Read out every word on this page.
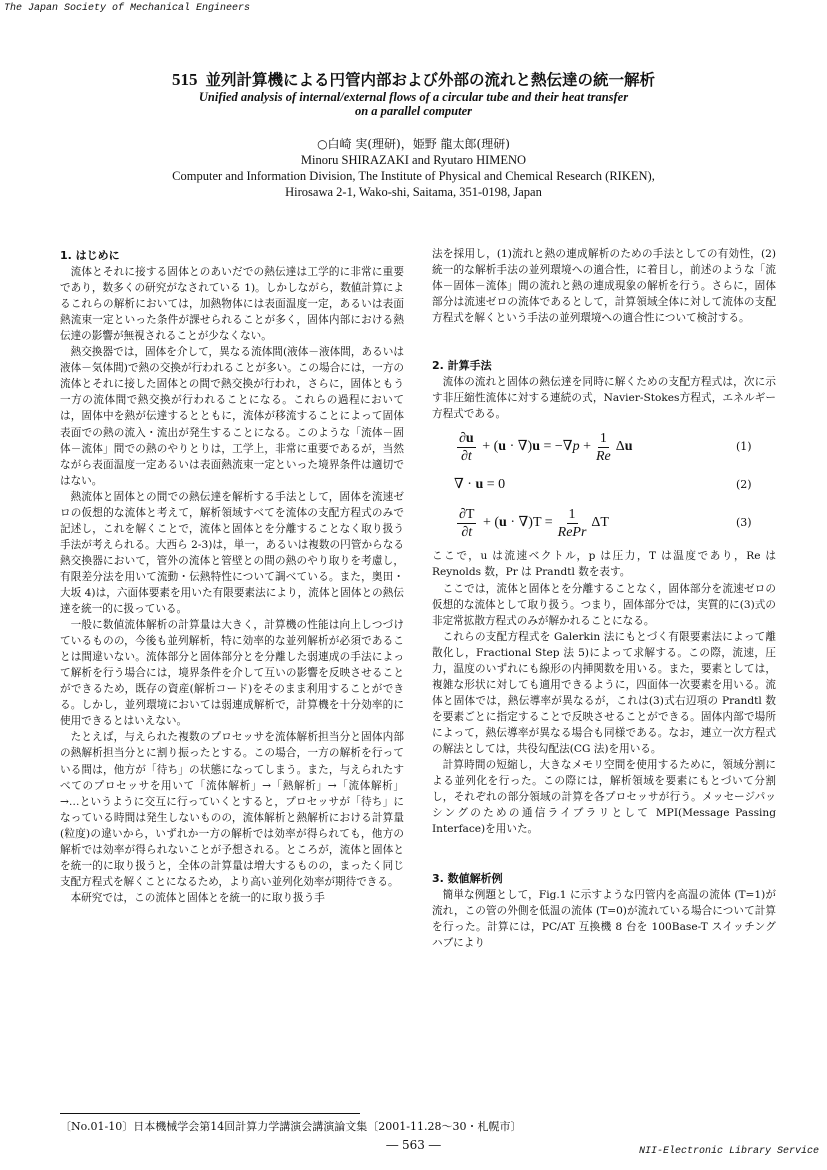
The Japan Society of Mechanical Engineers
515 並列計算機による円管内部および外部の流れと熱伝達の統一解析
Unified analysis of internal/external flows of a circular tube and their heat transfer
on a parallel computer
○白崎 実(理研)，姫野 龍太郎(理研)
Minoru SHIRAZAKI and Ryutaro HIMENO
Computer and Information Division, The Institute of Physical and Chemical Research (RIKEN),
Hirosawa 2-1, Wako-shi, Saitama, 351-0198, Japan
1. はじめに

流体とそれに接する固体とのあいだでの熱伝達は工学的に非常に重要であり，数多くの研究がなされている 1)。しかしながら，数値計算によるこれらの解析においては，加熱物体には表面温度一定，あるいは表面熱流束一定といった条件が課せられることが多く，固体内部における熱伝達の影響が無視されることが少なくない。

熱交換器では，固体を介して，異なる流体間(液体－液体間，あるいは液体－気体間)で熱の交換が行われることが多い。この場合には，一方の流体とそれに接した固体との間で熱交換が行われ，さらに，固体ともう一方の流体間で熱交換が行われることになる。これらの過程においては，固体中を熱が伝達するとともに，流体が移流することによって固体表面での熱の流入・流出が発生することになる。このような「流体－固体－流体」間での熱のやりとりは，工学上，非常に重要であるが，当然ながら表面温度一定あるいは表面熱流束一定といった境界条件は適切ではない。

熱流体と固体との間での熱伝達を解析する手法として，固体を流速ゼロの仮想的な流体と考えて，解析領域すべてを流体の支配方程式のみで記述し，これを解くことで，流体と固体とを分離することなく取り扱う手法が考えられる。大西ら 2-3)は，単一，あるいは複数の円管からなる熱交換器において，管外の流体と管壁との間の熱のやり取りを考慮し，有限差分法を用いて流動・伝熱特性について調べている。また，奥田・大坂 4)は，六面体要素を用いた有限要素法により，流体と固体との熱伝達を統一的に扱っている。

一般に数値流体解析の計算量は大きく，計算機の性能は向上しつづけているものの，今後も並列解析，特に効率的な並列解析が必須であることは間違いない。流体部分と固体部分とを分離した弱連成の手法によって解析を行う場合には，境界条件を介して互いの影響を反映させることができるため，既存の資産(解析コード)をそのまま利用することができる。しかし，並列環境においては弱連成解析で，計算機を十分効率的に使用できるとはいえない。

たとえば，与えられた複数のプロセッサを流体解析担当分と固体内部の熱解析担当分とに割り振ったとする。この場合，一方の解析を行っている間は，他方が「待ち」の状態になってしまう。また，与えられたすべてのプロセッサを用いて「流体解析」→「熱解析」→「流体解析」→…というように交互に行っていくとすると，プロセッサが「待ち」になっている時間は発生しないものの，流体解析と熱解析における計算量(粒度)の違いから，いずれか一方の解析では効率が得られても，他方の解析では効率が得られないことが予想される。ところが，流体と固体とを統一的に取り扱うと，全体の計算量は増大するものの，まったく同じ支配方程式を解くことになるため，より高い並列化効率が期待できる。

本研究では，この流体と固体とを統一的に取り扱う手

法を採用し，(1)流れと熱の連成解析のための手法としての有効性，(2)統一的な解析手法の並列環境への適合性，に着目し，前述のような「流体－固体－流体」間の流れと熱の連成現象の解析を行う。さらに，固体部分は流速ゼロの流体であるとして，計算領域全体に対して流体の支配方程式を解くという手法の並列環境への適合性について検討する。

2. 計算手法

流体の流れと固体の熱伝達を同時に解くための支配方程式は，次に示す非圧縮性流体に対する連続の式，Navier-Stokes方程式，エネルギー方程式である。

$\frac{\partial u}{\partial t} + (u \cdot \nabla)u = -\nabla p + \frac{1}{Re}$ Δu	(1)
∇ · u = 0	(2)
$\frac{\partial T}{\partial t} + (u \cdot \nabla)T = \frac{1}{\text{RePr}}$ ΔT	(3)

ここで，u は流速ベクトル，p は圧力，T は温度であり，Re は Reynolds 数，Pr は Prandtl 数を表す。

ここでは，流体と固体とを分離することなく，固体部分を流速ゼロの仮想的な流体として取り扱う。つまり，固体部分では，実質的に(3)式の非定常拡散方程式のみが解かれることになる。

これらの支配方程式を Galerkin 法にもとづく有限要素法によって離散化し，Fractional Step 法 5)によって求解する。この際，流速，圧力，温度のいずれにも線形の内挿関数を用いる。また，要素としては，複雑な形状に対しても適用できるように，四面体一次要素を用いる。流体と固体では，熱伝導率が異なるが，これは(3)式右辺項の Prandtl 数を要素ごとに指定することで反映させることができる。固体内部で場所によって，熱伝導率が異なる場合も同様である。なお，連立一次方程式の解法としては，共役勾配法(CG 法)を用いる。

計算時間の短縮し，大きなメモリ空間を使用するために，領域分割による並列化を行った。この際には，解析領域を要素にもとづいて分割し，それぞれの部分領域の計算を各プロセッサが行う。メッセージパッシングのための通信ライブラリとして MPI(Message Passing Interface)を用いた。

3. 数値解析例

簡単な例題として，Fig.1 に示すような円管内を高温の流体 (T=1)が流れ，この管の外側を低温の流体 (T=0)が流れている場合について計算を行った。計算には，PC/AT 互換機 8 台を 100Base-T スイッチングハブにより

〔No.01-10〕日本機械学会第14回計算力学講演会講演論文集〔2001-11.28～30・札幌市〕
― 563 ―	NII-Electronic Library Service
